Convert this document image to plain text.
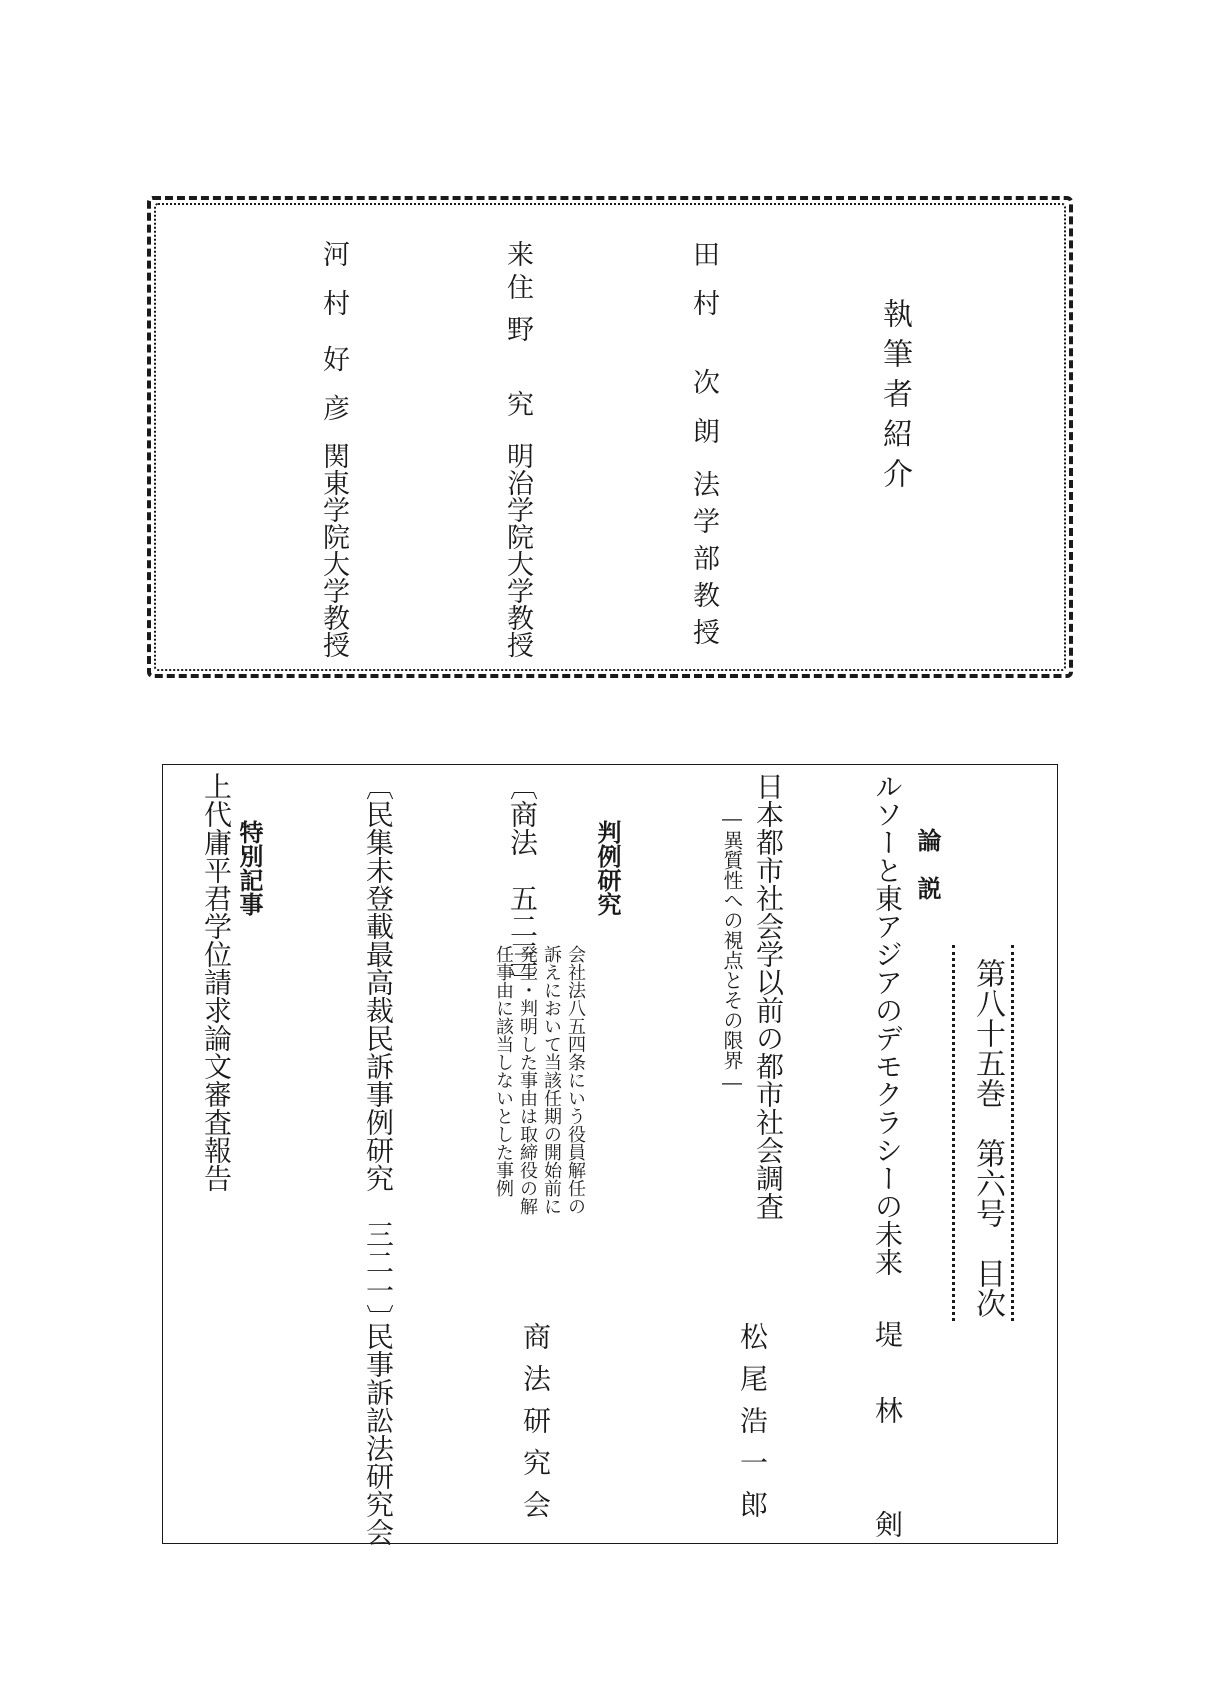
執筆者紹介
田村
次朗
法学部教授
来住
野究
明治学院大学教授
河村
好彦
関東学院大学教授
第八十五巻　第六号　目次
論　説
ルソーと東アジアのデモクラシーの未来
堤　林　　剣
日本都市社会学以前の都市社会調査
―異質性への視点とその限界―
松尾浩一郎
判例研究
〔商法　五二三〕
会社法八五四条にいう役員解任の
訴えにおいて当該任期の開始前に
発生・判明した事由は取締役の解
任事由に該当しないとした事例
商法研究会
〔民集未登載最高裁民訴事例研究　三二一〕
民事訴訟法研究会
特別記事
上代庸平君学位請求論文審査報告
